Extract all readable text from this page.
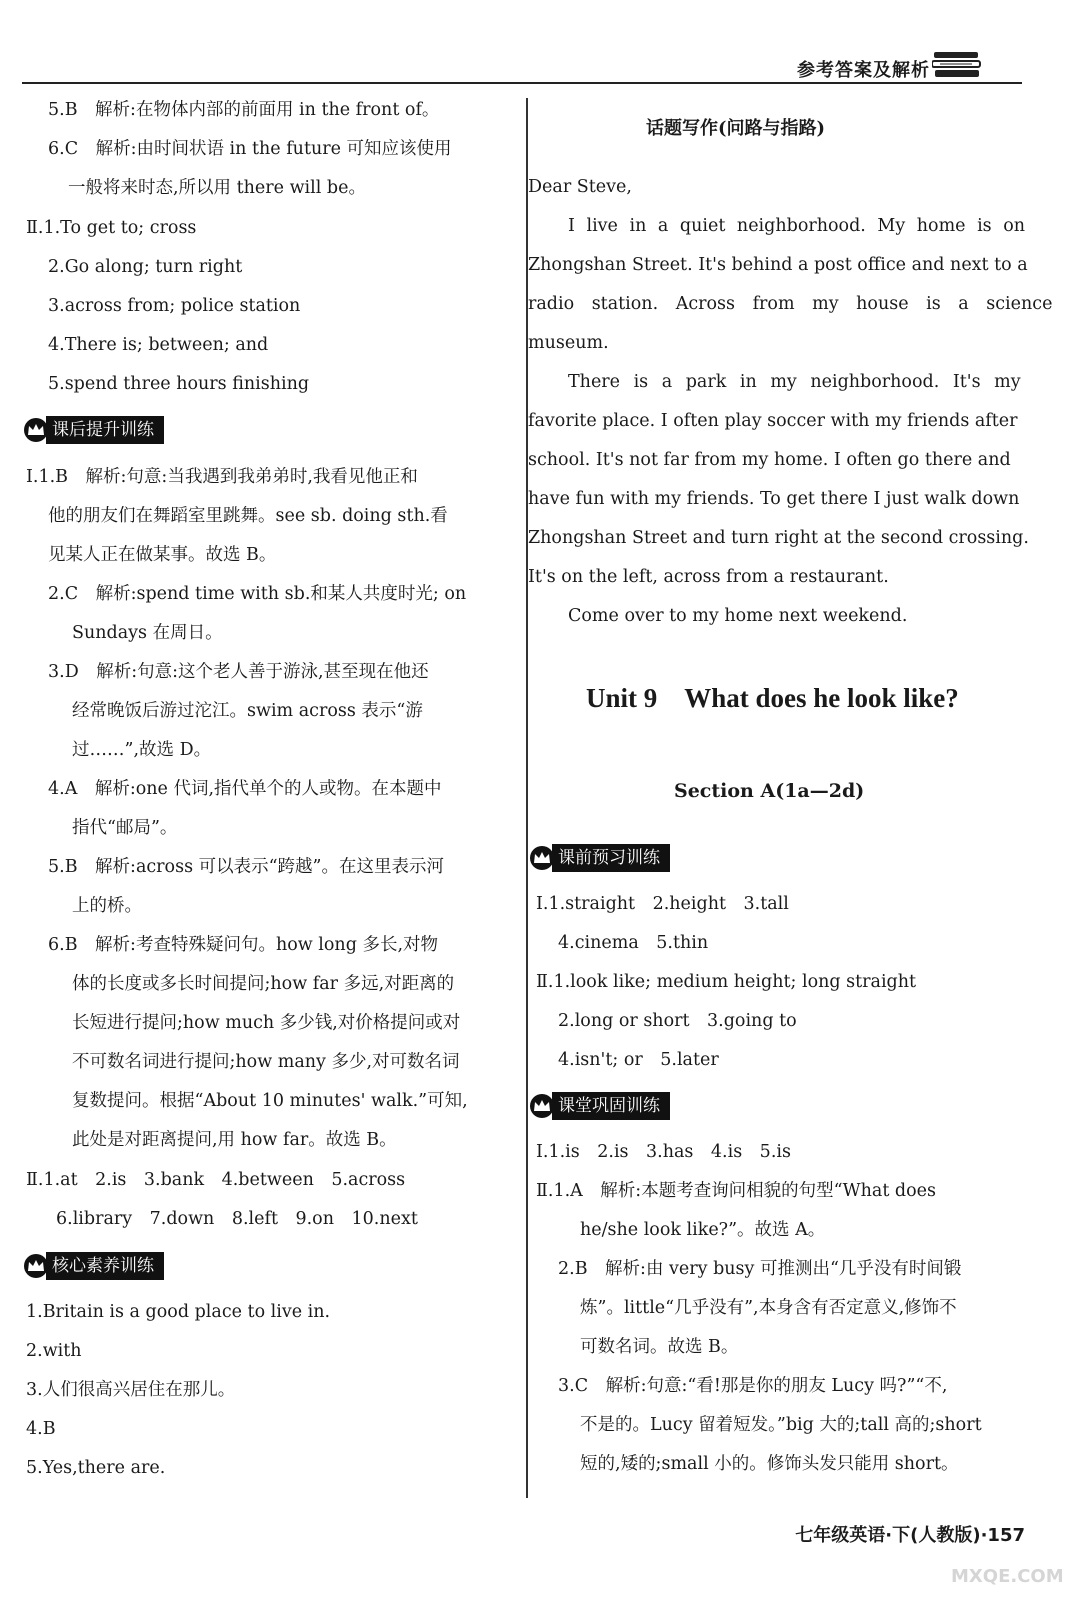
参考答案及解析
5.B　解析:在物体内部的前面用 in the front of。
6.C　解析:由时间状语 in the future 可知应该使用
一般将来时态,所以用 there will be。
Ⅱ.1.To get to; cross
2.Go along; turn right
3.across from; police station
4.There is; between; and
5.spend three hours finishing
课后提升训练
Ⅰ.1.B　解析:句意:当我遇到我弟弟时,我看见他正和
他的朋友们在舞蹈室里跳舞。see sb. doing sth.看
见某人正在做某事。故选 B。
2.C　解析:spend time with sb.和某人共度时光; on
Sundays 在周日。
3.D　解析:句意:这个老人善于游泳,甚至现在他还
经常晚饭后游过沱江。swim across 表示“游
过……”,故选 D。
4.A　解析:one 代词,指代单个的人或物。在本题中
指代“邮局”。
5.B　解析:across 可以表示“跨越”。在这里表示河
上的桥。
6.B　解析:考查特殊疑问句。how long 多长,对物
体的长度或多长时间提问;how far 多远,对距离的
长短进行提问;how much 多少钱,对价格提问或对
不可数名词进行提问;how many 多少,对可数名词
复数提问。根据“About 10 minutes' walk.”可知,
此处是对距离提问,用 how far。故选 B。
Ⅱ.1.at　2.is　3.bank　4.between　5.across
6.library　7.down　8.left　9.on　10.next
核心素养训练
1.Britain is a good place to live in.
2.with
3.人们很高兴居住在那儿。
4.B
5.Yes,there are.
话题写作(问路与指路)
Dear Steve,
I live in a quiet neighborhood. My home is on
Zhongshan Street. It's behind a post office and next to a
radio station. Across from my house is a science
museum.
There is a park in my neighborhood. It's my
favorite place. I often play soccer with my friends after
school. It's not far from my home. I often go there and
have fun with my friends. To get there I just walk down
Zhongshan Street and turn right at the second crossing.
It's on the left, across from a restaurant.
Come over to my home next weekend.
Unit 9　What does he look like?
Section A(1a—2d)
课前预习训练
Ⅰ.1.straight　2.height　3.tall
4.cinema　5.thin
Ⅱ.1.look like; medium height; long straight
2.long or short　3.going to
4.isn't; or　5.later
课堂巩固训练
Ⅰ.1.is　2.is　3.has　4.is　5.is
Ⅱ.1.A　解析:本题考查询问相貌的句型“What does
he/she look like?”。故选 A。
2.B　解析:由 very busy 可推测出“几乎没有时间锻
炼”。little“几乎没有”,本身含有否定意义,修饰不
可数名词。故选 B。
3.C　解析:句意:“看!那是你的朋友 Lucy 吗?”“不,
不是的。Lucy 留着短发。”big 大的;tall 高的;short
短的,矮的;small 小的。修饰头发只能用 short。
七年级英语·下(人教版)·157
MXQE.COM
